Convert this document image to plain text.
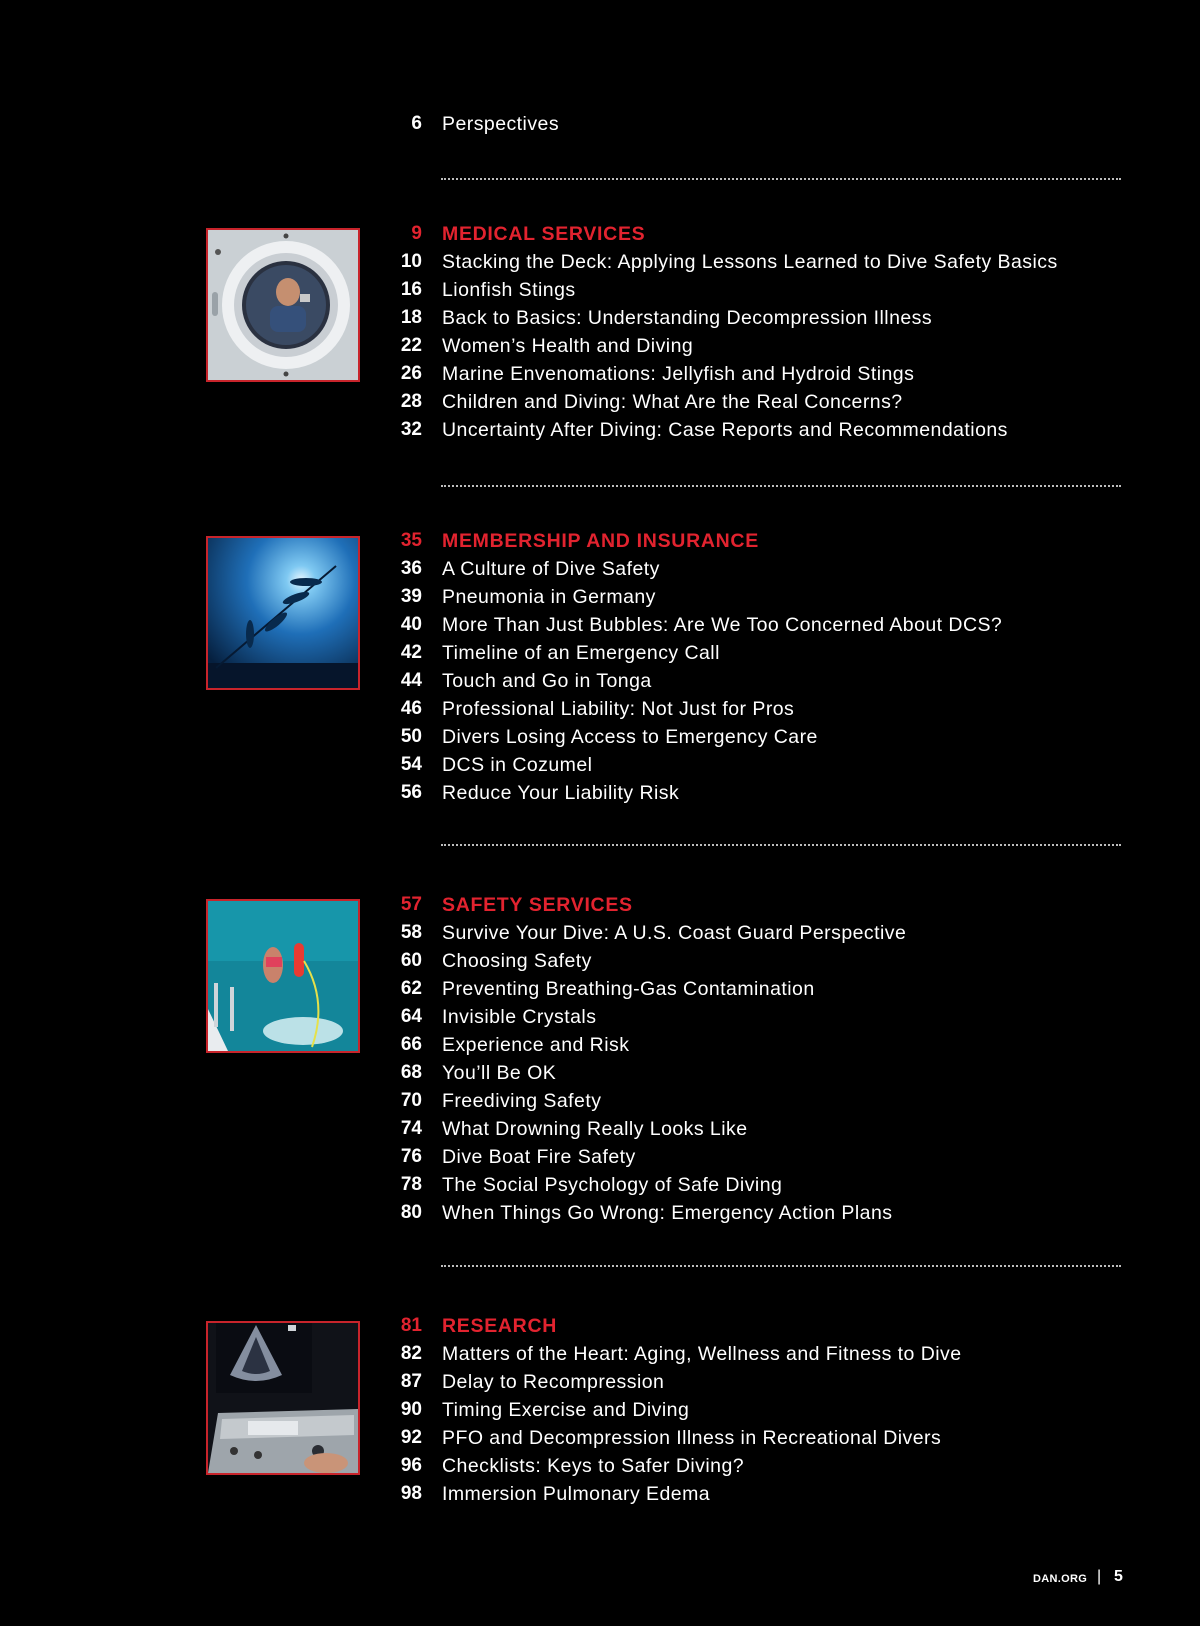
6 Perspectives
9 MEDICAL SERVICES
10 Stacking the Deck: Applying Lessons Learned to Dive Safety Basics
16 Lionfish Stings
18 Back to Basics: Understanding Decompression Illness
22 Women’s Health and Diving
26 Marine Envenomations: Jellyfish and Hydroid Stings
28 Children and Diving: What Are the Real Concerns?
32 Uncertainty After Diving: Case Reports and Recommendations
35 MEMBERSHIP AND INSURANCE
36 A Culture of Dive Safety
39 Pneumonia in Germany
40 More Than Just Bubbles: Are We Too Concerned About DCS?
42 Timeline of an Emergency Call
44 Touch and Go in Tonga
46 Professional Liability: Not Just for Pros
50 Divers Losing Access to Emergency Care
54 DCS in Cozumel
56 Reduce Your Liability Risk
57 SAFETY SERVICES
58 Survive Your Dive: A U.S. Coast Guard Perspective
60 Choosing Safety
62 Preventing Breathing-Gas Contamination
64 Invisible Crystals
66 Experience and Risk
68 You’ll Be OK
70 Freediving Safety
74 What Drowning Really Looks Like
76 Dive Boat Fire Safety
78 The Social Psychology of Safe Diving
80 When Things Go Wrong: Emergency Action Plans
81 RESEARCH
82 Matters of the Heart: Aging, Wellness and Fitness to Dive
87 Delay to Recompression
90 Timing Exercise and Diving
92 PFO and Decompression Illness in Recreational Divers
96 Checklists: Keys to Safer Diving?
98 Immersion Pulmonary Edema
DAN.ORG | 5
